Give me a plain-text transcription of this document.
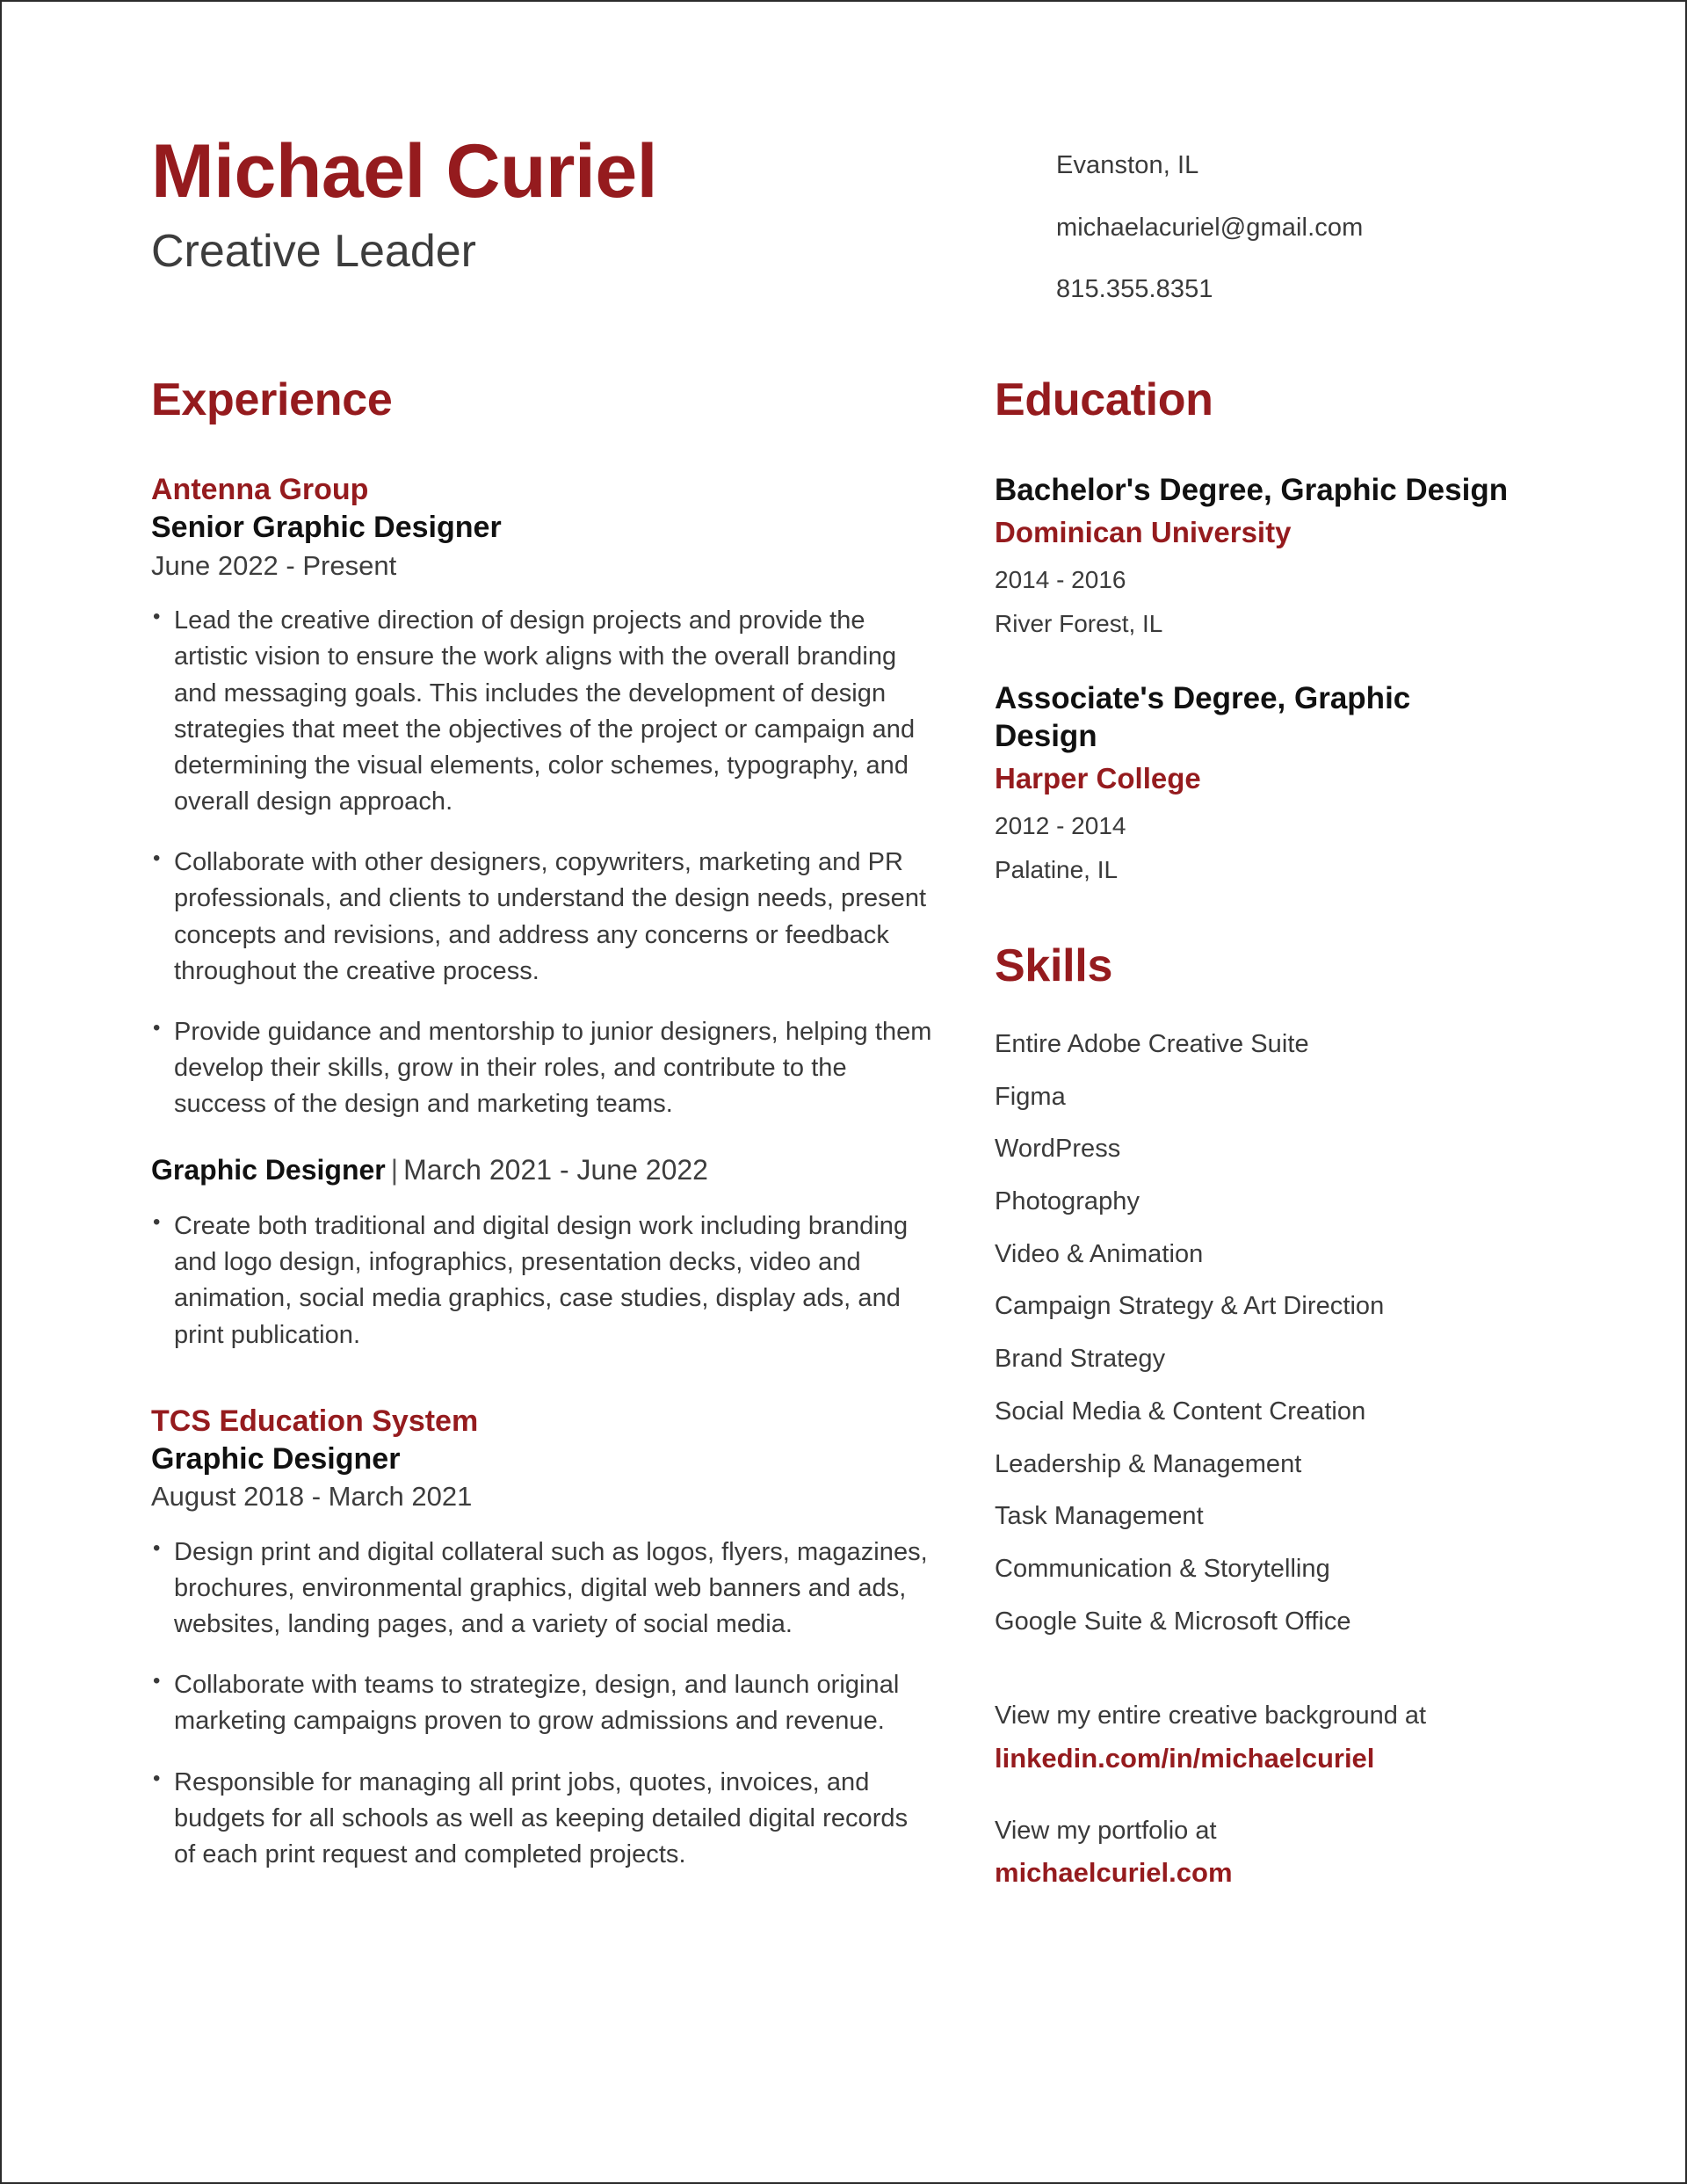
Michael Curiel
Creative Leader
Evanston, IL
michaelacuriel@gmail.com
815.355.8351
Experience
Antenna Group
Senior Graphic Designer
June 2022 - Present
• Lead the creative direction of design projects and provide the artistic vision to ensure the work aligns with the overall branding and messaging goals. This includes the development of design strategies that meet the objectives of the project or campaign and determining the visual elements, color schemes, typography, and overall design approach.
• Collaborate with other designers, copywriters, marketing and PR professionals, and clients to understand the design needs, present concepts and revisions, and address any concerns or feedback throughout the creative process.
• Provide guidance and mentorship to junior designers, helping them develop their skills, grow in their roles, and contribute to the success of the design and marketing teams.
Graphic Designer | March 2021 - June 2022
• Create both traditional and digital design work including branding and logo design, infographics, presentation decks, video and animation, social media graphics, case studies, display ads, and print publication.
TCS Education System
Graphic Designer
August 2018 - March 2021
• Design print and digital collateral such as logos, flyers, magazines, brochures, environmental graphics, digital web banners and ads, websites, landing pages, and a variety of social media.
• Collaborate with teams to strategize, design, and launch original marketing campaigns proven to grow admissions and revenue.
• Responsible for managing all print jobs, quotes, invoices, and budgets for all schools as well as keeping detailed digital records of each print request and completed projects.
Education
Bachelor's Degree, Graphic Design
Dominican University
2014 - 2016
River Forest, IL
Associate's Degree, Graphic Design
Harper College
2012 - 2014
Palatine, IL
Skills
Entire Adobe Creative Suite
Figma
WordPress
Photography
Video & Animation
Campaign Strategy & Art Direction
Brand Strategy
Social Media & Content Creation
Leadership & Management
Task Management
Communication & Storytelling
Google Suite & Microsoft Office
View my entire creative background at
linkedin.com/in/michaelcuriel
View my portfolio at
michaelcuriel.com
